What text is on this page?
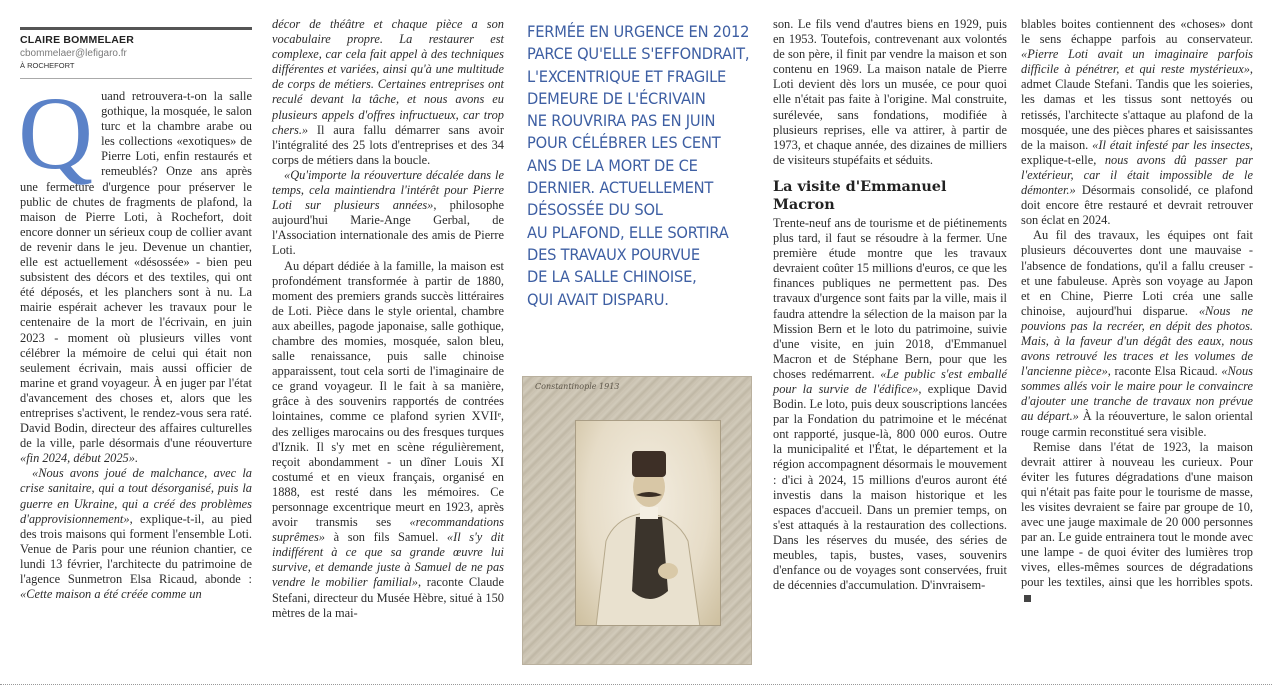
CLAIRE BOMMELAER
cbommelaer@lefigaro.fr
À ROCHEFORT

Quand retrouvera-t-on la salle gothique, la mosquée, le salon turc et la chambre arabe ou les collections «exotiques» de Pierre Loti, enfin restaurés et remeublés? Onze ans après une fermeture d'urgence pour préserver le public de chutes de fragments de plafond, la maison de Pierre Loti, à Rochefort, doit encore donner un sérieux coup de collier avant de revenir dans le jeu. Devenue un chantier, elle est actuellement «désossée» - bien peu subsistent des décors et des textiles, qui ont été déposés, et les planchers sont à nu. La mairie espérait achever les travaux pour le centenaire de la mort de l'écrivain, en juin 2023 - moment où plusieurs villes vont célébrer la mémoire de celui qui était non seulement écrivain, mais aussi officier de marine et grand voyageur. À en juger par l'état d'avancement des choses et, alors que les entreprises s'activent, le rendez-vous sera raté. David Bodin, directeur des affaires culturelles de la ville, parle désormais d'une réouverture «fin 2024, début 2025».

«Nous avons joué de malchance, avec la crise sanitaire, qui a tout désorganisé, puis la guerre en Ukraine, qui a créé des problèmes d'approvisionnement», explique-t-il, au pied des trois maisons qui forment l'ensemble Loti. Venue de Paris pour une réunion chantier, ce lundi 13 février, l'architecte du patrimoine de l'agence Sunmetron Elsa Ricaud, abonde : «Cette maison a été créée comme un

décor de théâtre et chaque pièce a son vocabulaire propre. La restaurer est complexe, car cela fait appel à des techniques différentes et variées, ainsi qu'à une multitude de corps de métiers. Certaines entreprises ont reculé devant la tâche, et nous avons eu plusieurs appels d'offres infructueux, car trop chers.» Il aura fallu démarrer sans avoir l'intégralité des 25 lots d'entreprises et des 34 corps de métiers dans la boucle.

«Qu'importe la réouverture décalée dans le temps, cela maintiendra l'intérêt pour Pierre Loti sur plusieurs années», philosophe aujourd'hui Marie-Ange Gerbal, de l'Association internationale des amis de Pierre Loti.

Au départ dédiée à la famille, la maison est profondément transformée à partir de 1880, moment des premiers grands succès littéraires de Loti. Pièce dans le style oriental, chambre aux abeilles, pagode japonaise, salle gothique, chambre des momies, mosquée, salon bleu, salle renaissance, puis salle chinoise apparaissent, tout cela sorti de l'imaginaire de ce grand voyageur. Il le fait à sa manière, grâce à des souvenirs rapportés de contrées lointaines, comme ce plafond syrien XVIIᵉ, des zelliges marocains ou des fresques turques d'Iznik. Il s'y met en scène régulièrement, reçoit abondamment - un dîner Louis XI costumé et en vieux français, organisé en 1888, est resté dans les mémoires. Ce personnage excentrique meurt en 1923, après avoir transmis ses «recommandations suprêmes» à son fils Samuel. «Il s'y dit indifférent à ce que sa grande œuvre lui survive, et demande juste à Samuel de ne pas vendre le mobilier familial», raconte Claude Stefani, directeur du Musée Hèbre, situé à 150 mètres de la mai-

FERMÉE EN URGENCE EN 2012
PARCE QU'ELLE S'EFFONDRAIT,
L'EXCENTRIQUE ET FRAGILE
DEMEURE DE L'ÉCRIVAIN
NE ROUVRIRA PAS EN JUIN
POUR CÉLÉBRER LES CENT
ANS DE LA MORT DE CE
DERNIER. ACTUELLEMENT
DÉSOSSÉE DU SOL
AU PLAFOND, ELLE SORTIRA
DES TRAVAUX POURVUE
DE LA SALLE CHINOISE,
QUI AVAIT DISPARU.
Constantinople 1913

son. Le fils vend d'autres biens en 1929, puis en 1953. Toutefois, contrevenant aux volontés de son père, il finit par vendre la maison et son contenu en 1969. La maison natale de Pierre Loti devient dès lors un musée, ce pour quoi elle n'était pas faite à l'origine. Mal construite, surélevée, sans fondations, modifiée à plusieurs reprises, elle va attirer, à partir de 1973, et chaque année, des dizaines de milliers de visiteurs stupéfaits et séduits.

La visite d'Emmanuel Macron

Trente-neuf ans de tourisme et de piétinements plus tard, il faut se résoudre à la fermer. Une première étude montre que les travaux devraient coûter 15 millions d'euros, ce que les finances publiques ne permettent pas. Des travaux d'urgence sont faits par la ville, mais il faudra attendre la sélection de la maison par la Mission Bern et le loto du patrimoine, suivie d'une visite, en juin 2018, d'Emmanuel Macron et de Stéphane Bern, pour que les choses redémarrent. «Le public s'est emballé pour la survie de l'édifice», explique David Bodin. Le loto, puis deux souscriptions lancées par la Fondation du patrimoine et le mécénat ont rapporté, jusque-là, 800 000 euros. Outre la municipalité et l'État, le département et la région accompagnent désormais le mouvement : d'ici à 2024, 15 millions d'euros auront été investis dans la maison historique et les espaces d'accueil. Dans un premier temps, on s'est attaqués à la restauration des collections. Dans les réserves du musée, des séries de meubles, tapis, bustes, vases, souvenirs d'enfance ou de voyages sont conservées, fruit de décennies d'accumulation. D'invraisem-

blables boites contiennent des «choses» dont le sens échappe parfois au conservateur. «Pierre Loti avait un imaginaire parfois difficile à pénétrer, et qui reste mystérieux», admet Claude Stefani. Tandis que les soieries, les damas et les tissus sont nettoyés ou retissés, l'architecte s'attaque au plafond de la mosquée, une des pièces phares et saisissantes de la maison. «Il était infesté par les insectes, explique-t-elle, nous avons dû passer par l'extérieur, car il était impossible de le démonter.» Désormais consolidé, ce plafond doit encore être restauré et devrait retrouver son éclat en 2024.

Au fil des travaux, les équipes ont fait plusieurs découvertes dont une mauvaise - l'absence de fondations, qu'il a fallu creuser - et une fabuleuse. Après son voyage au Japon et en Chine, Pierre Loti créa une salle chinoise, aujourd'hui disparue. «Nous ne pouvions pas la recréer, en dépit des photos. Mais, à la faveur d'un dégât des eaux, nous avons retrouvé les traces et les volumes de l'ancienne pièce», raconte Elsa Ricaud. «Nous sommes allés voir le maire pour le convaincre d'ajouter une tranche de travaux non prévue au départ.» À la réouverture, le salon oriental rouge carmin reconstitué sera visible.

Remise dans l'état de 1923, la maison devrait attirer à nouveau les curieux. Pour éviter les futures dégradations d'une maison qui n'était pas faite pour le tourisme de masse, les visites devraient se faire par groupe de 10, avec une jauge maximale de 20 000 personnes par an. Le guide entrainera tout le monde avec une lampe - de quoi éviter des lumières trop vives, elles-mêmes sources de dégradations pour les textiles, ainsi que les horribles spots.
